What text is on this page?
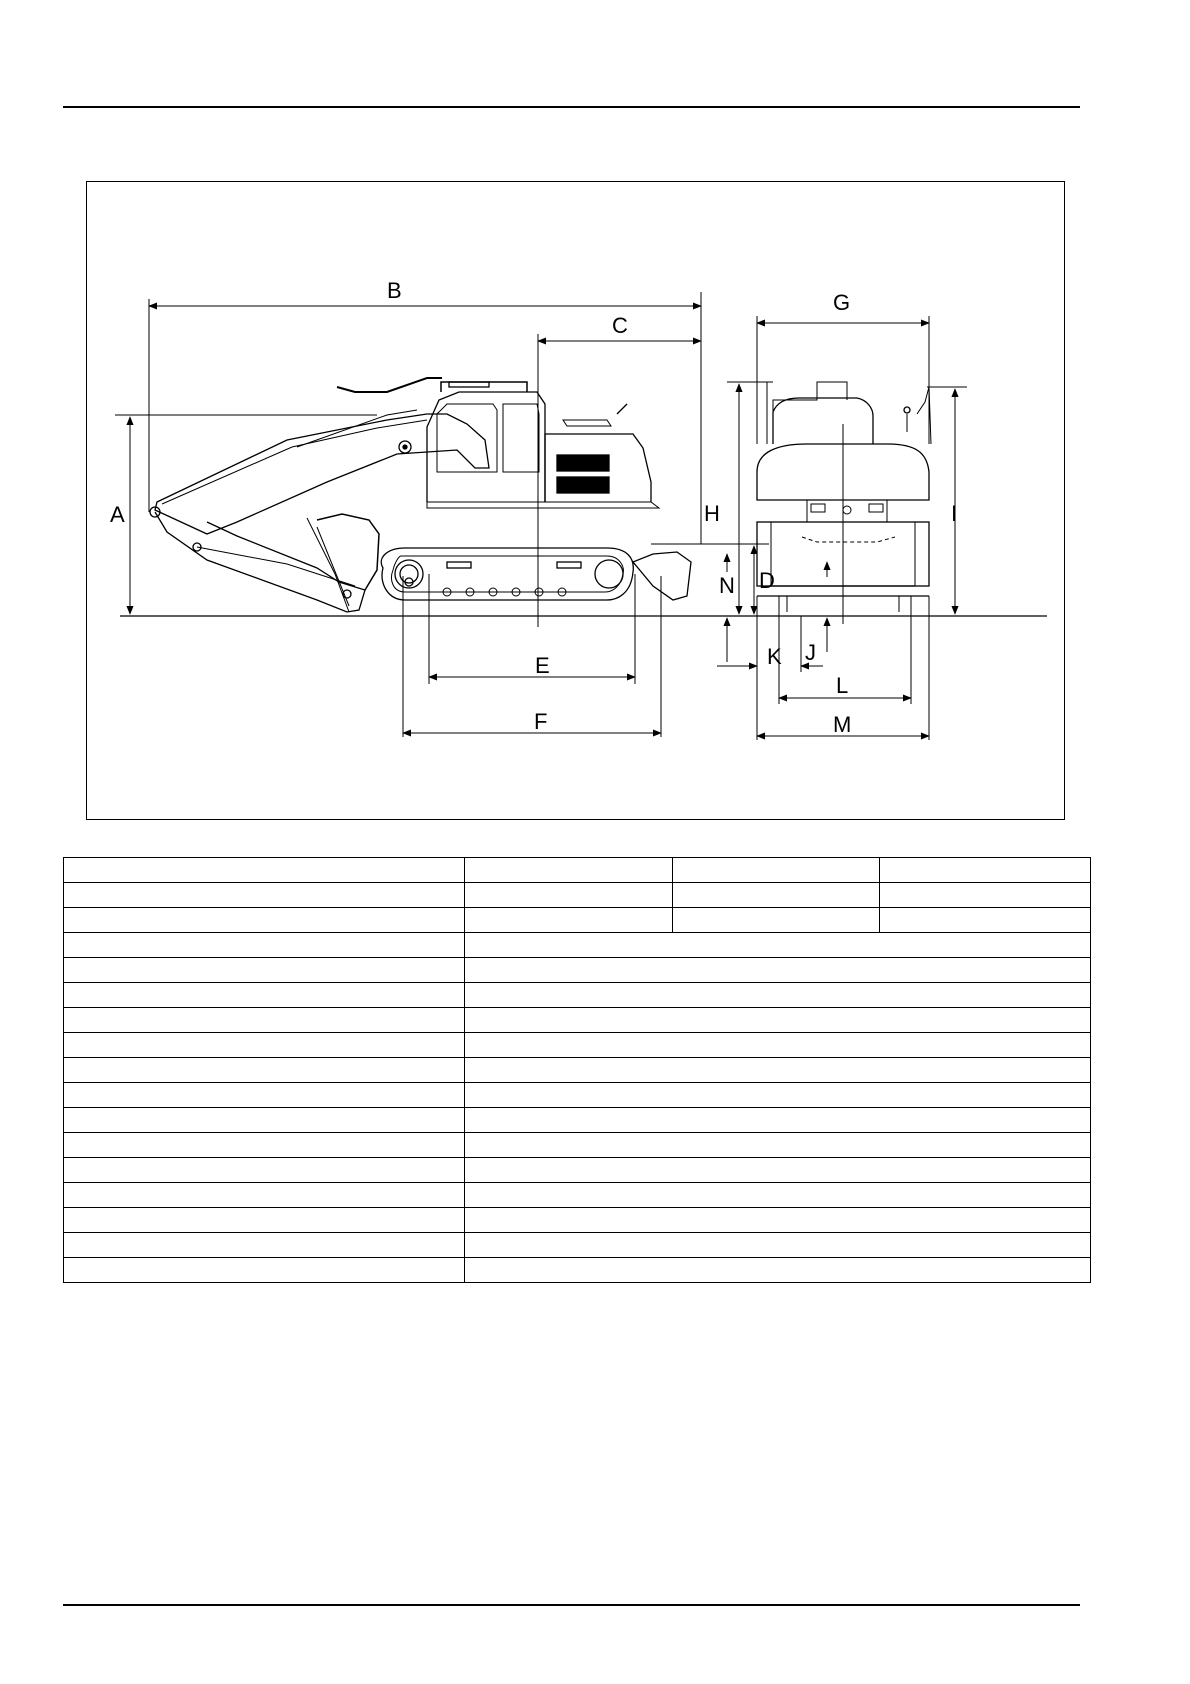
A
B
C
D
E
F
G
H	I
J
K
L
M
N
